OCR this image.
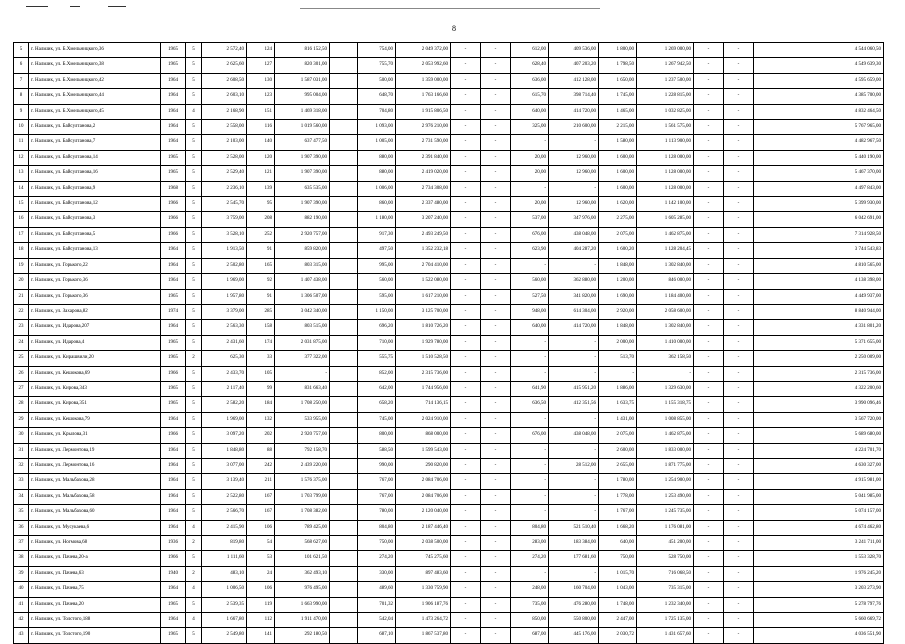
8
5	г. Нальчик, ул. Б.Хмельницкого,36	1965	5	2 572,40	124	816 152,50		754,00	2 049 372,00	-	-	612,00	409 536,00	1 800,00	1 269 000,00	-	-	4 544 060,50
6	г. Нальчик, ул. Б.Хмельницкого,38	1965	5	2 625,60	127	820 301,00		755,70	2 053 992,60	-	-	628,40	407 203,20	1 798,50	1 267 942,50	-	-	4 549 639,30
7	г. Нальчик, ул. Б.Хмельницкого,42	1964	5	2 608,50	130	1 587 031,00		500,00	1 359 000,00	-	-	636,00	412 128,00	1 650,00	1 237 500,00	-	-	4 595 659,00
8	г. Нальчик, ул. Б.Хмельницкого,44	1964	5	2 603,10	123	995 004,00		648,70	1 763 166,60	-	-	615,70	398 714,40	1 745,00	1 228 815,00	-	-	4 385 700,00
9	г. Нальчик, ул. Б.Хмельницкого,45	1964	4	2 168,90	151	1 469 318,00		704,80	1 915 806,50	-	-	640,00	414 720,00	1 465,00	1 032 825,00	-	-	4 832 464,50
10	г. Нальчик, ул. Байсултанова,2	1964	5	2 558,00	116	1 019 560,00		1 093,00	2 976 210,00	-	-	325,00	210 600,00	2 215,00	1 561 575,00	-	-	5 767 965,00
11	г. Нальчик, ул. Байсултанова,7	1964	5	2 103,00	140	637 477,50		1 005,00	2 731 590,00	-	-	-	-	1 580,00	1 113 900,00	-	-	4 482 967,50
12	г. Нальчик, ул. Байсултанова,14	1965	5	2 528,00	120	1 907 390,00		880,00	2 391 840,00	-	-	20,00	12 960,00	1 600,00	1 128 000,00	-	-	5 440 190,00
13	г. Нальчик, ул. Байсултанова,16	1965	5	2 529,40	121	1 907 390,00		880,00	2 419 020,00	-	-	20,00	12 960,00	1 600,00	1 128 000,00	-	-	5 467 370,00
14	г. Нальчик, ул. Байсултанова,9	1968	5	2 236,10	139	635 535,00		1 006,00	2 734 308,00	-	-	-	-	1 600,00	1 128 000,00	-	-	4 497 843,00
15	г. Нальчик, ул. Байсултанова,12	1966	5	2 545,70	95	1 907 390,00		860,00	2 337 480,00	-	-	20,00	12 960,00	1 620,00	1 142 100,00	-	-	5 399 930,00
16	г. Нальчик, ул. Байсултанова,3	1966	5	3 759,00	208	882 190,00		1 180,00	3 207 240,00	-	-	537,00	347 976,00	2 275,00	1 605 285,00	-	-	6 042 691,00
17	г. Нальчик, ул. Байсултанова,5	1966	5	3 528,10	252	2 920 757,00		917,30	2 493 249,50	-	-	676,00	438 048,00	2 075,00	1 462 875,00	-	-	7 314 928,50
18	г. Нальчик, ул. Байсултанова,13	1964	5	1 913,50	91	859 820,00		497,50	1 352 232,18	-	-	623,90	404 287,20	1 600,20	1 128 204,45	-	-	3 744 543,83
19	г. Нальчик, ул. Горького,22	1964	5	2 502,80	165	803 315,00		995,00	2 704 410,00	-	-	-	-	1 848,00	1 302 840,00	-	-	4 810 565,00
20	г. Нальчик, ул. Горького,36	1964	5	1 969,00	92	1 407 438,00		560,00	1 522 080,00	-	-	560,00	362 880,00	1 200,00	846 000,00	-	-	4 138 398,00
21	г. Нальчик, ул. Горького,36	1965	5	1 957,80	91	1 306 507,00		595,00	1 617 210,00	-	-	527,50	341 820,00	1 690,00	1 184 400,00	-	-	4 449 937,00
22	г. Нальчик, ул. Захарова,82	1974	5	3 379,00	285	3 042 340,00		1 150,00	3 125 700,00	-	-	948,00	614 304,00	2 920,00	2 058 600,00	-	-	8 840 944,00
23	г. Нальчик, ул. Идарова,207	1964	5	2 563,30	158	803 515,00		696,20	1 810 726,20	-	-	640,00	414 720,00	1 848,00	1 302 840,00	-	-	4 331 801,20
24	г. Нальчик, ул. Идарова,4	1965	5	2 431,60	174	2 031 875,00		710,00	1 929 780,00	-	-	-	-	2 000,00	1 410 000,00	-	-	5 371 655,00
25	г. Нальчик, ул. Кирашвили,20	1965	2	625,30	33	377 322,00		555,75	1 510 528,50	-	-	-	-	513,70	362 158,50	-	-	2 250 009,00
26	г. Нальчик, ул. Кешокова,69	1966	5	2 433,70	105	-		852,00	2 315 736,00	-	-	-	-	-	-	-	-	2 315 736,00
27	г. Нальчик, ул. Кирова,343	1965	5	2 117,40	99	831 663,40		642,00	1 744 956,00	-	-	641,90	415 951,20	1 886,00	1 329 630,00	-	-	4 322 200,60
28	г. Нальчик, ул. Кирова,351	1965	5	2 582,20	184	1 708 250,00		658,20	714 136,15	-	-	636,50	412 351,56	1 633,75	1 155 318,75	-	-	3 990 096,46
29	г. Нальчик, ул. Кешокова,79	1964	5	1 969,00	132	533 955,00		745,00	2 024 910,00	-	-	-	-	1 431,00	1 008 855,00	-	-	3 567 720,00
30	г. Нальчик, ул. Крылова,31	1966	5	3 097,20	202	2 920 757,00		800,00	868 000,00	-	-	676,00	438 048,00	2 075,00	1 462 875,00	-	-	5 689 680,00
31	г. Нальчик, ул. Лермонтова,19	1964	5	1 848,80	88	792 158,70		588,50	1 599 543,00	-	-	-	-	2 600,00	1 833 000,00	-	-	4 224 701,70
32	г. Нальчик, ул. Лермонтова,16	1964	5	3 077,00	242	2 439 220,00		990,00	290 820,00	-	-	-	28 512,00	2 655,00	1 871 775,00	-	-	4 630 327,00
33	г. Нальчик, ул. Мальбахова,28	1964	5	3 139,40	211	1 576 375,00		767,00	2 084 706,00	-	-	-	-	1 780,00	1 254 900,00	-	-	4 915 981,00
34	г. Нальчик, ул. Мальбахова,58	1964	5	2 522,80	167	1 703 799,00		767,00	2 084 706,00	-	-	-	-	1 778,00	1 253 490,00	-	-	5 041 985,00
35	г. Нальчик, ул. Мальбахова,60	1964	5	2 566,70	167	1 708 382,00		780,00	2 120 040,00	-	-	-	-	1 767,00	1 245 735,00	-	-	5 074 157,00
36	г. Нальчик, ул. Мусукаева,6	1964	4	2 415,90	106	789 425,00		804,80	2 187 446,40	-	-	804,80	521 510,40	1 668,20	1 176 081,00	-	-	4 674 462,80
37	г. Нальчик, ул. Ногмова,68	1936	2	819,80	54	568 627,00		750,00	2 038 500,00	-	-	283,00	183 384,00	640,00	451 200,00	-	-	3 241 711,00
38	г. Нальчик, ул. Пачева,20-а	1966	5	1 111,60	53	101 621,50		274,20	745 275,60	-	-	274,20	177 681,60	750,00	528 750,00	-	-	1 553 328,70
39	г. Нальчик, ул. Пачева,63	1940	2	483,10	24	362 493,10		330,00	897 483,60	-	-	-	-	1 015,70	716 068,50	-	-	1 976 245,20
40	г. Нальчик, ул. Пачева,75	1964	4	1 006,50	106	976 495,00		489,60	1 330 759,90	-	-	248,00	160 704,00	1 043,00	735 315,00	-	-	3 203 273,90
41	г. Нальчик, ул. Пачева,20	1965	5	2 539,35	119	1 663 990,00		701,32	1 906 187,76	-	-	735,00	476 280,00	1 748,00	1 232 340,00	-	-	5 278 797,76
42	г. Нальчик, ул. Толстого,188	1964	4	1 667,80	112	1 911 470,00		542,04	1 473 264,72	-	-	850,00	550 800,00	2 447,00	1 725 135,00	-	-	5 660 669,72
43	г. Нальчик, ул. Толстого,190	1965	5	2 549,80	141	292 180,50		687,10	1 867 537,80	-	-	687,00	445 176,00	2 030,72	1 431 657,60	-	-	4 036 551,90
